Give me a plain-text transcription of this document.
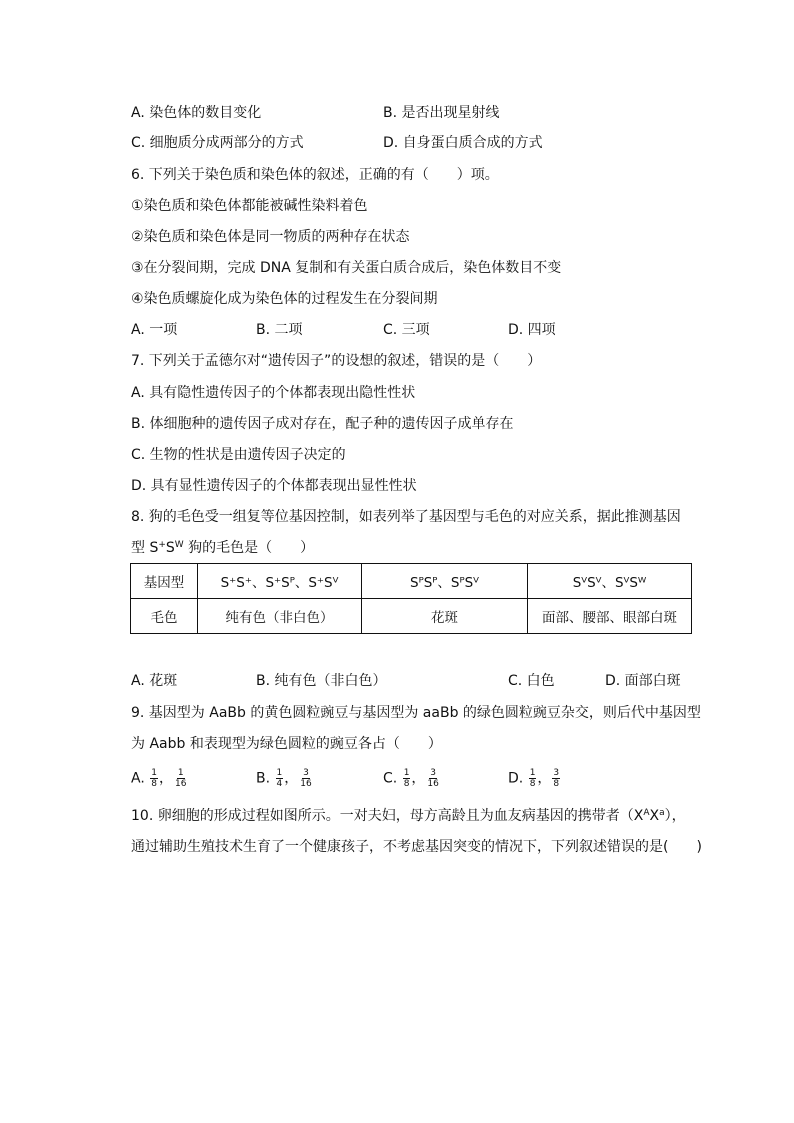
A. 染色体的数目变化	B. 是否出现星射线
C. 细胞质分成两部分的方式	D. 自身蛋白质合成的方式
6. 下列关于染色质和染色体的叙述，正确的有（　　）项。
①染色质和染色体都能被碱性染料着色
②染色质和染色体是同一物质的两种存在状态
③在分裂间期，完成 DNA 复制和有关蛋白质合成后，染色体数目不变
④染色质螺旋化成为染色体的过程发生在分裂间期
A. 一项	B. 二项	C. 三项	D. 四项
7. 下列关于孟德尔对“遗传因子”的设想的叙述，错误的是（　　）
A. 具有隐性遗传因子的个体都表现出隐性性状
B. 体细胞种的遗传因子成对存在，配子种的遗传因子成单存在
C. 生物的性状是由遗传因子决定的
D. 具有显性遗传因子的个体都表现出显性性状
8. 狗的毛色受一组复等位基因控制，如表列举了基因型与毛色的对应关系，据此推测基因
型 $S^+S^W$ 狗的毛色是（　　）
基因型	S⁺S⁺、S⁺Sᴾ、S⁺Sⱽ	SᴾSᴾ、SᴾSⱽ	SⱽSⱽ、SⱽSᵂ
毛色	纯有色（非白色）	花斑	面部、腰部、眼部白斑
A. 花斑	B. 纯有色（非白色）	C. 白色	D. 面部白斑
9. 基因型为 AaBb 的黄色圆粒豌豆与基因型为 aaBb 的绿色圆粒豌豆杂交，则后代中基因型
为 Aabb 和表现型为绿色圆粒的豌豆各占（　　）
A. $\frac{1}{8}$ ， $\frac{1}{16}$	B. $\frac{1}{4}$ ， $\frac{3}{16}$	C. $\frac{1}{8}$ ， $\frac{3}{16}$	D. $\frac{1}{8}$ ， $\frac{3}{8}$
10. 卵细胞的形成过程如图所示。一对夫妇，母方高龄且为血友病基因的携带者$(X^AX^a)$，
通过辅助生殖技术生育了一个健康孩子，不考虑基因突变的情况下，下列叙述错误的是(　　)
